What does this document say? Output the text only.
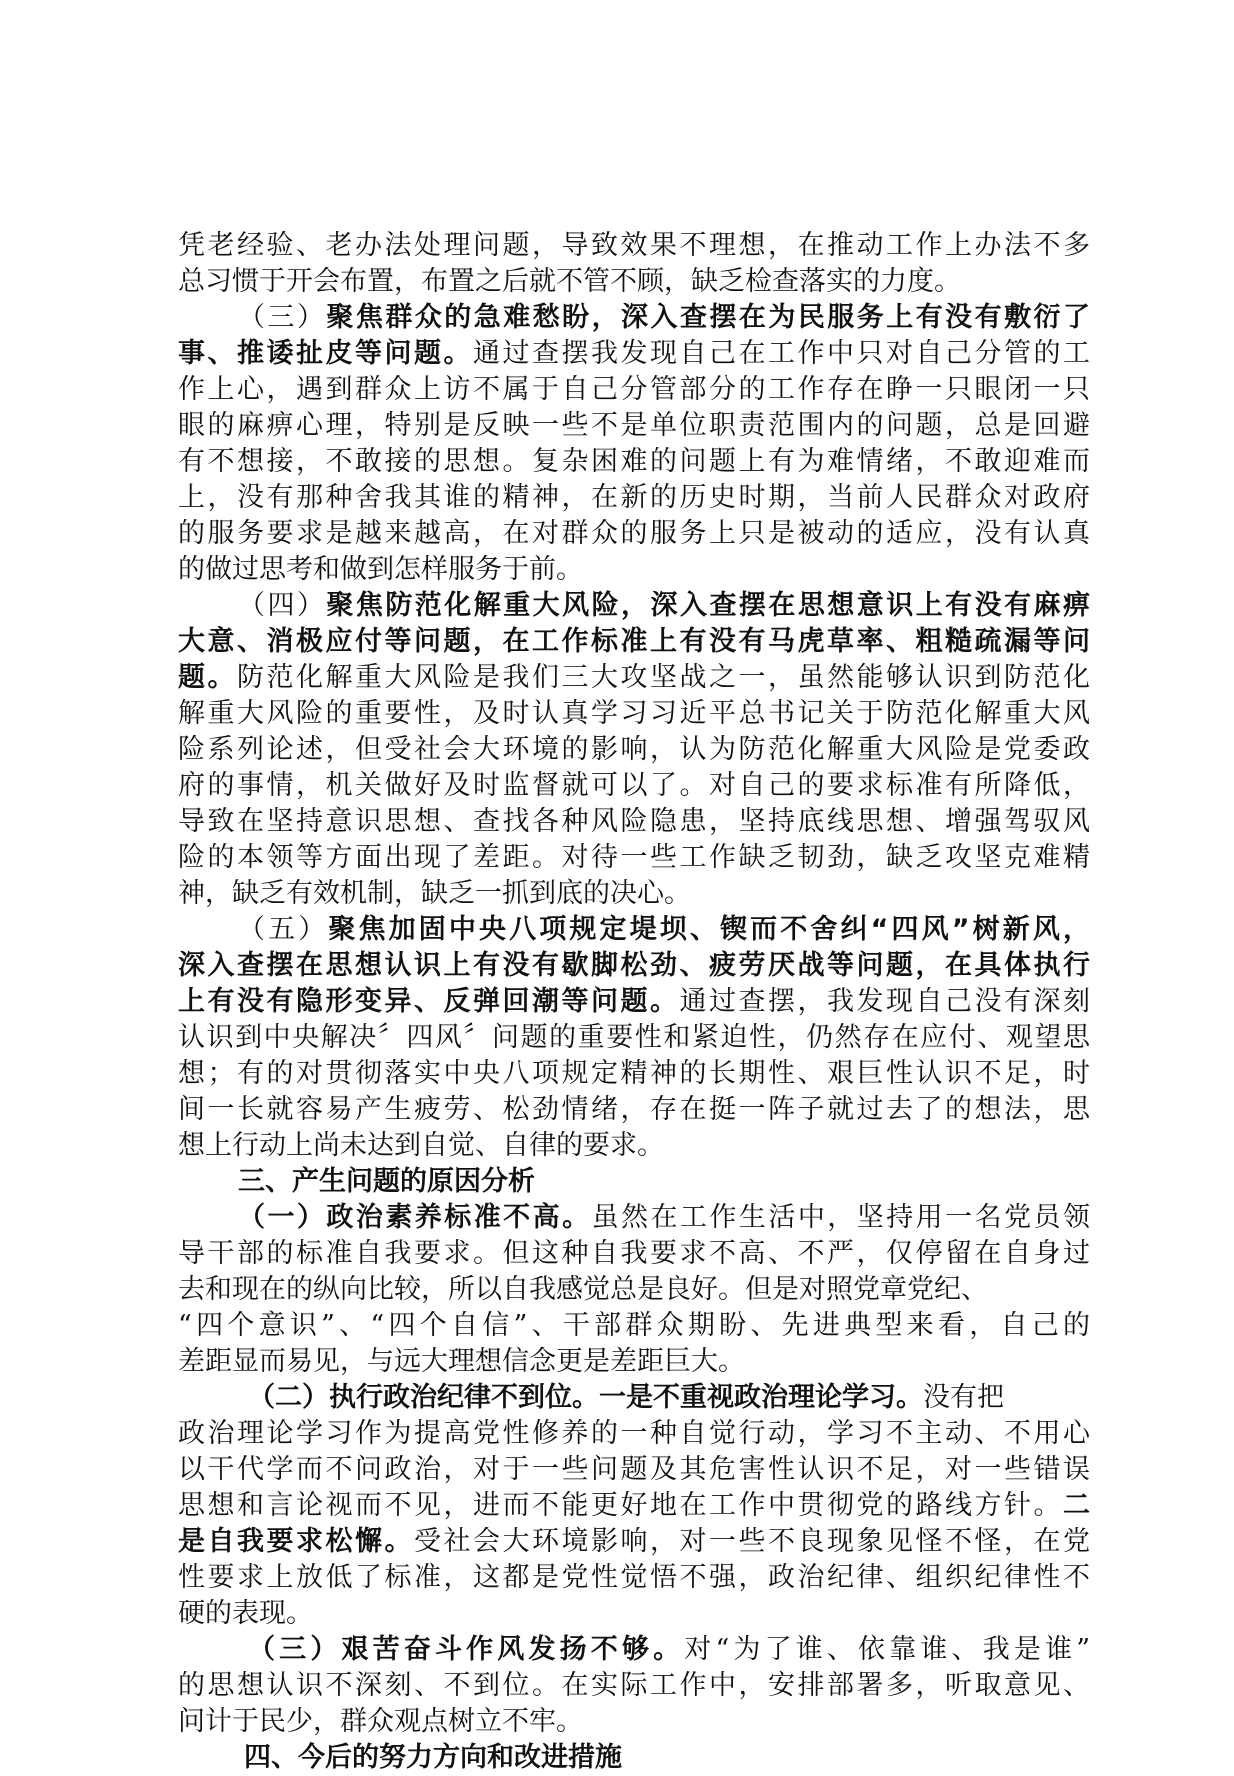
凭老经验、老办法处理问题，导致效果不理想，在推动工作上办法不多
总习惯于开会布置，布置之后就不管不顾，缺乏检查落实的力度。
（三）聚焦群众的急难愁盼，深入查摆在为民服务上有没有敷衍了
事、推诿扯皮等问题。通过查摆我发现自己在工作中只对自己分管的工
作上心，遇到群众上访不属于自己分管部分的工作存在睁一只眼闭一只
眼的麻痹心理，特别是反映一些不是单位职责范围内的问题，总是回避
有不想接，不敢接的思想。复杂困难的问题上有为难情绪，不敢迎难而
上，没有那种舍我其谁的精神，在新的历史时期，当前人民群众对政府
的服务要求是越来越高，在对群众的服务上只是被动的适应，没有认真
的做过思考和做到怎样服务于前。
（四）聚焦防范化解重大风险，深入查摆在思想意识上有没有麻痹
大意、消极应付等问题，在工作标准上有没有马虎草率、粗糙疏漏等问
题。防范化解重大风险是我们三大攻坚战之一，虽然能够认识到防范化
解重大风险的重要性，及时认真学习习近平总书记关于防范化解重大风
险系列论述，但受社会大环境的影响，认为防范化解重大风险是党委政
府的事情，机关做好及时监督就可以了。对自己的要求标准有所降低，
导致在坚持意识思想、查找各种风险隐患，坚持底线思想、增强驾驭风
险的本领等方面出现了差距。对待一些工作缺乏韧劲，缺乏攻坚克难精
神，缺乏有效机制，缺乏一抓到底的决心。
（五）聚焦加固中央八项规定堤坝、锲而不舍纠“四风”树新风，
深入查摆在思想认识上有没有歇脚松劲、疲劳厌战等问题，在具体执行
上有没有隐形变异、反弹回潮等问题。通过查摆，我发现自己没有深刻
认识到中央解决〞四风〞问题的重要性和紧迫性，仍然存在应付、观望思
想；有的对贯彻落实中央八项规定精神的长期性、艰巨性认识不足，时
间一长就容易产生疲劳、松劲情绪，存在挺一阵子就过去了的想法，思
想上行动上尚未达到自觉、自律的要求。
三、产生问题的原因分析
（一）政治素养标准不高。虽然在工作生活中，坚持用一名党员领
导干部的标准自我要求。但这种自我要求不高、不严，仅停留在自身过
去和现在的纵向比较，所以自我感觉总是良好。但是对照党章党纪、
“四个意识”、“四个自信”、干部群众期盼、先进典型来看，自己的
差距显而易见，与远大理想信念更是差距巨大。
（二）执行政治纪律不到位。一是不重视政治理论学习。没有把
政治理论学习作为提高党性修养的一种自觉行动，学习不主动、不用心
以干代学而不问政治，对于一些问题及其危害性认识不足，对一些错误
思想和言论视而不见，进而不能更好地在工作中贯彻党的路线方针。二
是自我要求松懈。受社会大环境影响，对一些不良现象见怪不怪，在党
性要求上放低了标准，这都是党性觉悟不强，政治纪律、组织纪律性不
硬的表现。
（三）艰苦奋斗作风发扬不够。对“为了谁、依靠谁、我是谁”
的思想认识不深刻、不到位。在实际工作中，安排部署多，听取意见、
问计于民少，群众观点树立不牢。
四、今后的努力方向和改进措施
